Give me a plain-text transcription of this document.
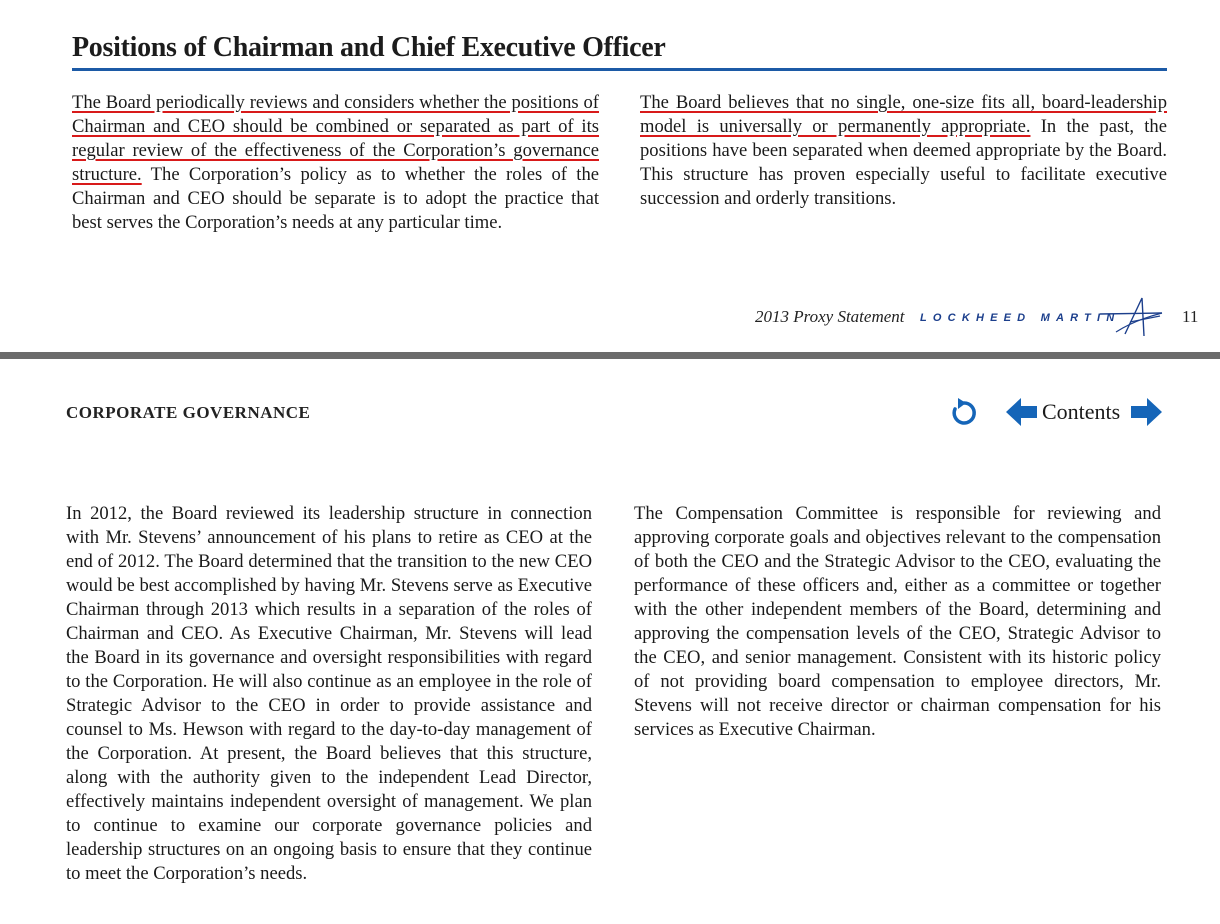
Positions of Chairman and Chief Executive Officer
The Board periodically reviews and considers whether the positions of Chairman and CEO should be combined or separated as part of its regular review of the effectiveness of the Corporation’s governance structure. The Corporation’s policy as to whether the roles of the Chairman and CEO should be separate is to adopt the practice that best serves the Corporation’s needs at any particular time.
The Board believes that no single, one-size fits all, board-leadership model is universally or permanently appropriate. In the past, the positions have been separated when deemed appropriate by the Board. This structure has proven especially useful to facilitate executive succession and orderly transitions.
2013 Proxy Statement LOCKHEED MARTIN	11
CORPORATE GOVERNANCE	Contents
In 2012, the Board reviewed its leadership structure in connection with Mr. Stevens’ announcement of his plans to retire as CEO at the end of 2012. The Board determined that the transition to the new CEO would be best accomplished by having Mr. Stevens serve as Executive Chairman through 2013 which results in a separation of the roles of Chairman and CEO. As Executive Chairman, Mr. Stevens will lead the Board in its governance and oversight responsibilities with regard to the Corporation. He will also continue as an employee in the role of Strategic Advisor to the CEO in order to provide assistance and counsel to Ms. Hewson with regard to the day-to-day management of the Corporation. At present, the Board believes that this structure, along with the authority given to the independent Lead Director, effectively maintains independent oversight of management. We plan to continue to examine our corporate governance policies and leadership structures on an ongoing basis to ensure that they continue to meet the Corporation’s needs.
The Compensation Committee is responsible for reviewing and approving corporate goals and objectives relevant to the compensation of both the CEO and the Strategic Advisor to the CEO, evaluating the performance of these officers and, either as a committee or together with the other independent members of the Board, determining and approving the compensation levels of the CEO, Strategic Advisor to the CEO, and senior management. Consistent with its historic policy of not providing board compensation to employee directors, Mr. Stevens will not receive director or chairman compensation for his services as Executive Chairman.
